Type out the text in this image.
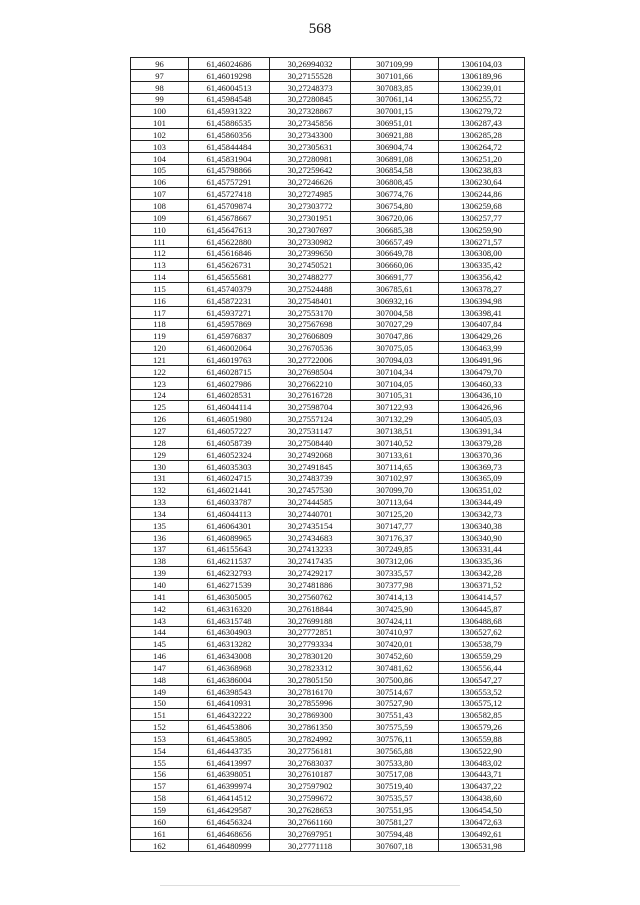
568
96	61,46024686	30,26994032	307109,99	1306104,03
97	61,46019298	30,27155528	307101,66	1306189,96
98	61,46004513	30,27248373	307083,85	1306239,01
99	61,45984548	30,27280845	307061,14	1306255,72
100	61,45931322	30,27328867	307001,15	1306279,72
101	61,45886535	30,27345856	306951,01	1306287,43
102	61,45860356	30,27343300	306921,88	1306285,28
103	61,45844484	30,27305631	306904,74	1306264,72
104	61,45831904	30,27280981	306891,08	1306251,20
105	61,45798866	30,27259642	306854,58	1306238,83
106	61,45757291	30,27246626	306808,45	1306230,64
107	61,45727418	30,27274985	306774,76	1306244,86
108	61,45709874	30,27303772	306754,80	1306259,68
109	61,45678667	30,27301951	306720,06	1306257,77
110	61,45647613	30,27307697	306685,38	1306259,90
111	61,45622880	30,27330982	306657,49	1306271,57
112	61,45616846	30,27399650	306649,78	1306308,00
113	61,45626731	30,27450521	306660,06	1306335,42
114	61,45655681	30,27488277	306691,77	1306356,42
115	61,45740379	30,27524488	306785,61	1306378,27
116	61,45872231	30,27548401	306932,16	1306394,98
117	61,45937271	30,27553170	307004,58	1306398,41
118	61,45957869	30,27567698	307027,29	1306407,84
119	61,45976837	30,27606809	307047,86	1306429,26
120	61,46002064	30,27670536	307075,05	1306463,99
121	61,46019763	30,27722006	307094,03	1306491,96
122	61,46028715	30,27698504	307104,34	1306479,70
123	61,46027986	30,27662210	307104,05	1306460,33
124	61,46028531	30,27616728	307105,31	1306436,10
125	61,46044114	30,27598704	307122,93	1306426,96
126	61,46051980	30,27557124	307132,29	1306405,03
127	61,46057227	30,27531147	307138,51	1306391,34
128	61,46058739	30,27508440	307140,52	1306379,28
129	61,46052324	30,27492068	307133,61	1306370,36
130	61,46035303	30,27491845	307114,65	1306369,73
131	61,46024715	30,27483739	307102,97	1306365,09
132	61,46021441	30,27457530	307099,70	1306351,02
133	61,46033787	30,27444585	307113,64	1306344,49
134	61,46044113	30,27440701	307125,20	1306342,73
135	61,46064301	30,27435154	307147,77	1306340,38
136	61,46089965	30,27434683	307176,37	1306340,90
137	61,46155643	30,27413233	307249,85	1306331,44
138	61,46211537	30,27417435	307312,06	1306335,36
139	61,46232793	30,27429217	307335,57	1306342,28
140	61,46271539	30,27481886	307377,98	1306371,52
141	61,46305005	30,27560762	307414,13	1306414,57
142	61,46316320	30,27618844	307425,90	1306445,87
143	61,46315748	30,27699188	307424,11	1306488,68
144	61,46304903	30,27772851	307410,97	1306527,62
145	61,46313282	30,27793334	307420,01	1306538,79
146	61,46343008	30,27830120	307452,60	1306559,29
147	61,46368968	30,27823312	307481,62	1306556,44
148	61,46386004	30,27805150	307500,86	1306547,27
149	61,46398543	30,27816170	307514,67	1306553,52
150	61,46410931	30,27855996	307527,90	1306575,12
151	61,46432222	30,27869300	307551,43	1306582,85
152	61,46453806	30,27861350	307575,59	1306579,26
153	61,46453805	30,27824992	307576,11	1306559,88
154	61,46443735	30,27756181	307565,88	1306522,90
155	61,46413997	30,27683037	307533,80	1306483,02
156	61,46398051	30,27610187	307517,08	1306443,71
157	61,46399974	30,27597902	307519,40	1306437,22
158	61,46414512	30,27599672	307535,57	1306438,60
159	61,46429587	30,27628653	307551,95	1306454,50
160	61,46456324	30,27661160	307581,27	1306472,63
161	61,46468656	30,27697951	307594,48	1306492,61
162	61,46480999	30,27771118	307607,18	1306531,98
